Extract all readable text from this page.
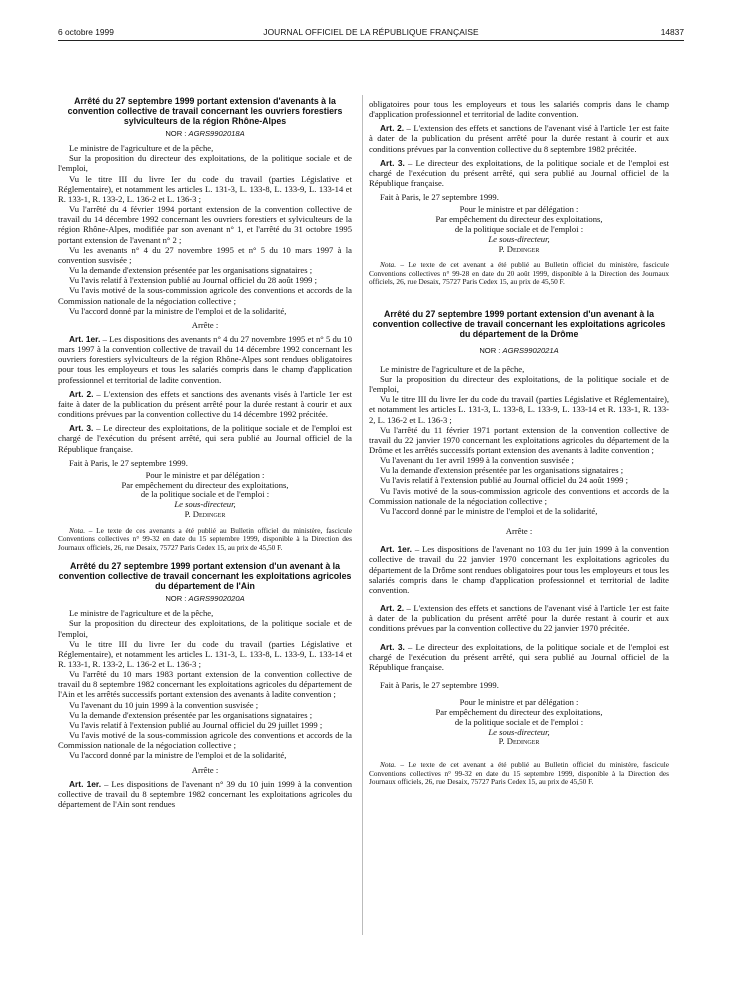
6 octobre 1999	JOURNAL OFFICIEL DE LA RÉPUBLIQUE FRANÇAISE	14837
Arrêté du 27 septembre 1999 portant extension d'avenants à la convention collective de travail concernant les ouvriers forestiers sylviculteurs de la région Rhône-Alpes
NOR : AGRS9902018A

Le ministre de l'agriculture et de la pêche,

Sur la proposition du directeur des exploitations, de la politique sociale et de l'emploi,

Vu le titre III du livre Ier du code du travail (parties Législative et Réglementaire), et notamment les articles L. 131-3, L. 133-8, L. 133-9, L. 133-14 et R. 133-1, R. 133-2, L. 136-2 et L. 136-3 ;

Vu l'arrêté du 4 février 1994 portant extension de la convention collective de travail du 14 décembre 1992 concernant les ouvriers forestiers et sylviculteurs de la région Rhône-Alpes, modifiée par son avenant n° 1, et l'arrêté du 31 octobre 1995 portant extension de l'avenant n° 2 ;

Vu les avenants n° 4 du 27 novembre 1995 et n° 5 du 10 mars 1997 à la convention susvisée ;

Vu la demande d'extension présentée par les organisations signataires ;

Vu l'avis relatif à l'extension publié au Journal officiel du 28 août 1999 ;

Vu l'avis motivé de la sous-commission agricole des conventions et accords de la Commission nationale de la négociation collective ;

Vu l'accord donné par la ministre de l'emploi et de la solidarité,

Arrête :

Art. 1er. – Les dispositions des avenants n° 4 du 27 novembre 1995 et n° 5 du 10 mars 1997 à la convention collective de travail du 14 décembre 1992 concernant les ouvriers forestiers sylviculteurs de la région Rhône-Alpes sont rendues obligatoires pour tous les employeurs et tous les salariés compris dans le champ d'application professionnel et territorial de ladite convention.

Art. 2. – L'extension des effets et sanctions des avenants visés à l'article 1er est faite à dater de la publication du présent arrêté pour la durée restant à courir et aux conditions prévues par la convention collective du 14 décembre 1992 précitée.

Art. 3. – Le directeur des exploitations, de la politique sociale et de l'emploi est chargé de l'exécution du présent arrêté, qui sera publié au Journal officiel de la République française.

Fait à Paris, le 27 septembre 1999.

Pour le ministre et par délégation :
Par empêchement du directeur des exploitations,
de la politique sociale et de l'emploi :
Le sous-directeur,
P. Dedinger

Nota. – Le texte de ces avenants a été publié au Bulletin officiel du ministère, fascicule Conventions collectives n° 99-32 en date du 15 septembre 1999, disponible à la Direction des Journaux officiels, 26, rue Desaix, 75727 Paris Cedex 15, au prix de 45,50 F.

Arrêté du 27 septembre 1999 portant extension d'un avenant à la convention collective de travail concernant les exploitations agricoles du département de l'Ain
NOR : AGRS9902020A

Le ministre de l'agriculture et de la pêche,

Sur la proposition du directeur des exploitations, de la politique sociale et de l'emploi,

Vu le titre III du livre Ier du code du travail (parties Législative et Réglementaire), et notamment les articles L. 131-3, L. 133-8, L. 133-9, L. 133-14 et R. 133-1, R. 133-2, L. 136-2 et L. 136-3 ;

Vu l'arrêté du 10 mars 1983 portant extension de la convention collective de travail du 8 septembre 1982 concernant les exploitations agricoles du département de l'Ain et les arrêtés successifs portant extension des avenants à ladite convention ;

Vu l'avenant du 10 juin 1999 à la convention susvisée ;

Vu la demande d'extension présentée par les organisations signataires ;

Vu l'avis relatif à l'extension publié au Journal officiel du 29 juillet 1999 ;

Vu l'avis motivé de la sous-commission agricole des conventions et accords de la Commission nationale de la négociation collective ;

Vu l'accord donné par la ministre de l'emploi et de la solidarité,

Arrête :

Art. 1er. – Les dispositions de l'avenant n° 39 du 10 juin 1999 à la convention collective de travail du 8 septembre 1982 concernant les exploitations agricoles du département de l'Ain sont rendues

obligatoires pour tous les employeurs et tous les salariés compris dans le champ d'application professionnel et territorial de ladite convention.

Art. 2. – L'extension des effets et sanctions de l'avenant visé à l'article 1er est faite à dater de la publication du présent arrêté pour la durée restant à courir et aux conditions prévues par la convention collective du 8 septembre 1982 précitée.

Art. 3. – Le directeur des exploitations, de la politique sociale et de l'emploi est chargé de l'exécution du présent arrêté, qui sera publié au Journal officiel de la République française.

Fait à Paris, le 27 septembre 1999.

Pour le ministre et par délégation :
Par empêchement du directeur des exploitations,
de la politique sociale et de l'emploi :
Le sous-directeur,
P. Dedinger

Nota. – Le texte de cet avenant a été publié au Bulletin officiel du ministère, fascicule Conventions collectives n° 99-28 en date du 20 août 1999, disponible à la Direction des Journaux officiels, 26, rue Desaix, 75727 Paris Cedex 15, au prix de 45,50 F.

Arrêté du 27 septembre 1999 portant extension d'un avenant à la convention collective de travail concernant les exploitations agricoles du département de la Drôme
NOR : AGRS9902021A

Le ministre de l'agriculture et de la pêche,

Sur la proposition du directeur des exploitations, de la politique sociale et de l'emploi,

Vu le titre III du livre Ier du code du travail (parties Législative et Réglementaire), et notamment les articles L. 131-3, L. 133-8, L. 133-9, L. 133-14 et R. 133-1, R. 133-2, L. 136-2 et L. 136-3 ;

Vu l'arrêté du 11 février 1971 portant extension de la convention collective de travail du 22 janvier 1970 concernant les exploitations agricoles du département de la Drôme et les arrêtés successifs portant extension des avenants à ladite convention ;

Vu l'avenant du 1er avril 1999 à la convention susvisée ;

Vu la demande d'extension présentée par les organisations signataires ;

Vu l'avis relatif à l'extension publié au Journal officiel du 24 août 1999 ;

Vu l'avis motivé de la sous-commission agricole des conventions et accords de la Commission nationale de la négociation collective ;

Vu l'accord donné par le ministre de l'emploi et de la solidarité,

Arrête :

Art. 1er. – Les dispositions de l'avenant no 103 du 1er juin 1999 à la convention collective de travail du 22 janvier 1970 concernant les exploitations agricoles du département de la Drôme sont rendues obligatoires pour tous les employeurs et tous les salariés compris dans le champ d'application professionnel et territorial de ladite convention.

Art. 2. – L'extension des effets et sanctions de l'avenant visé à l'article 1er est faite à dater de la publication du présent arrêté pour la durée restant à courir et aux conditions prévues par la convention collective du 22 janvier 1970 précitée.

Art. 3. – Le directeur des exploitations, de la politique sociale et de l'emploi est chargé de l'exécution du présent arrêté, qui sera publié au Journal officiel de la République française.

Fait à Paris, le 27 septembre 1999.

Pour le ministre et par délégation :
Par empêchement du directeur des exploitations,
de la politique sociale et de l'emploi :
Le sous-directeur,
P. Dedinger

Nota. – Le texte de cet avenant a été publié au Bulletin officiel du ministère, fascicule Conventions collectives n° 99-32 en date du 15 septembre 1999, disponible à la Direction des Journaux officiels, 26, rue Desaix, 75727 Paris Cedex 15, au prix de 45,50 F.
